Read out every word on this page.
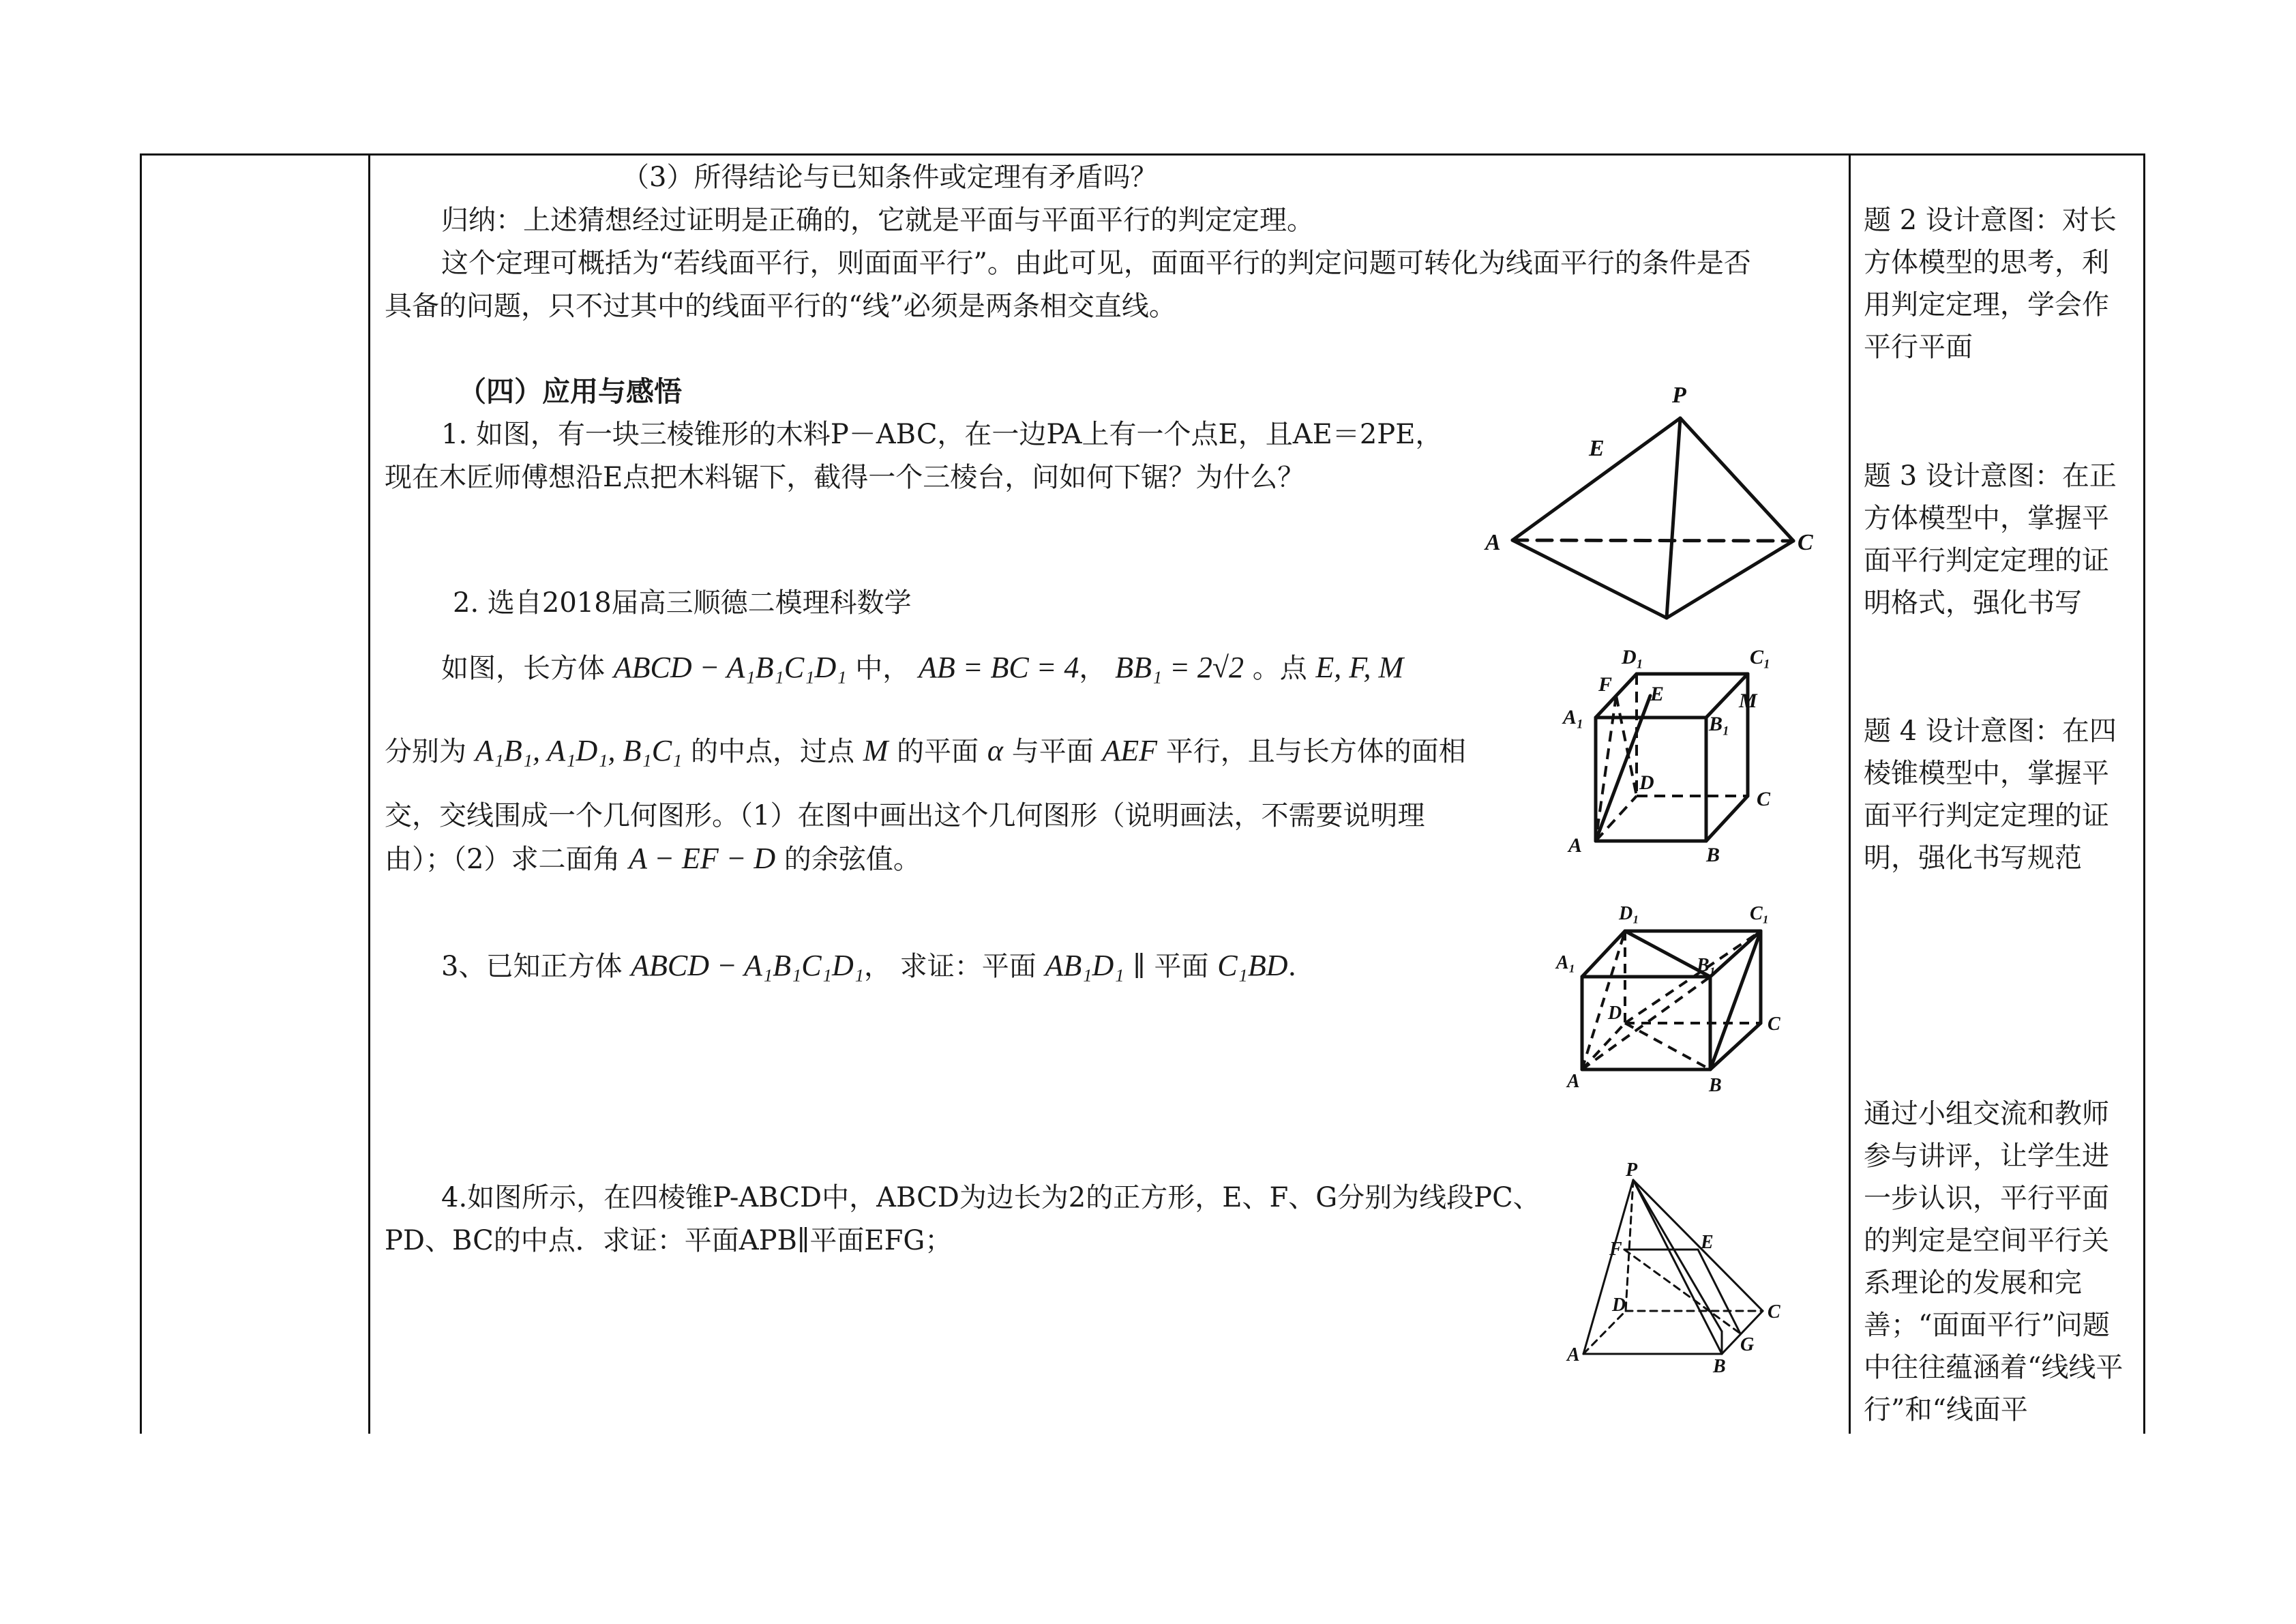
（3）所得结论与已知条件或定理有矛盾吗？
归纳：上述猜想经过证明是正确的，它就是平面与平面平行的判定定理。
这个定理可概括为“若线面平行，则面面平行”。由此可见，面面平行的判定问题可转化为线面平行的条件是否
具备的问题，只不过其中的线面平行的“线”必须是两条相交直线。
（四）应用与感悟
1. 如图，有一块三棱锥形的木料P－ABC，在一边PA上有一个点E，且AE＝2PE，
现在木匠师傅想沿E点把木料锯下，截得一个三棱台，问如何下锯？为什么？
2. 选自2018届高三顺德二模理科数学
如图，长方体 ABCD − A₁B₁C₁D₁ 中， AB = BC = 4， BB₁ = 2√2 。点 E, F, M
分别为 A₁B₁, A₁D₁, B₁C₁ 的中点，过点 M 的平面 α 与平面 AEF 平行，且与长方体的面相
交，交线围成一个几何图形。（1）在图中画出这个几何图形（说明画法，不需要说明理
由）；（2）求二面角 A − EF − D 的余弦值。
3、已知正方体 ABCD − A₁B₁C₁D₁， 求证：平面 AB₁D₁ ∥ 平面 C₁BD.
4.如图所示，在四棱锥P-ABCD中，ABCD为边长为2的正方形，E、F、G分别为线段PC、
PD、BC的中点．求证：平面APB∥平面EFG；
题 2 设计意图：对长方体模型的思考，利用判定定理，学会作平行平面
题 3 设计意图：在正方体模型中，掌握平面平行判定定理的证明格式，强化书写
题 4 设计意图：在四棱锥模型中，掌握平面平行判定定理的证明，强化书写规范
通过小组交流和教师参与讲评，让学生进一步认识，平行平面的判定是空间平行关系理论的发展和完善；“面面平行”问题中往往蕴涵着“线线平行”和“线面平
P
E
A	C
D₁	C₁
F E
A₁	B₁
M
D
C
A	B
D₁	C₁
A₁	B₁
D
C
A	B
P
F	E
D	C
A
B
G
